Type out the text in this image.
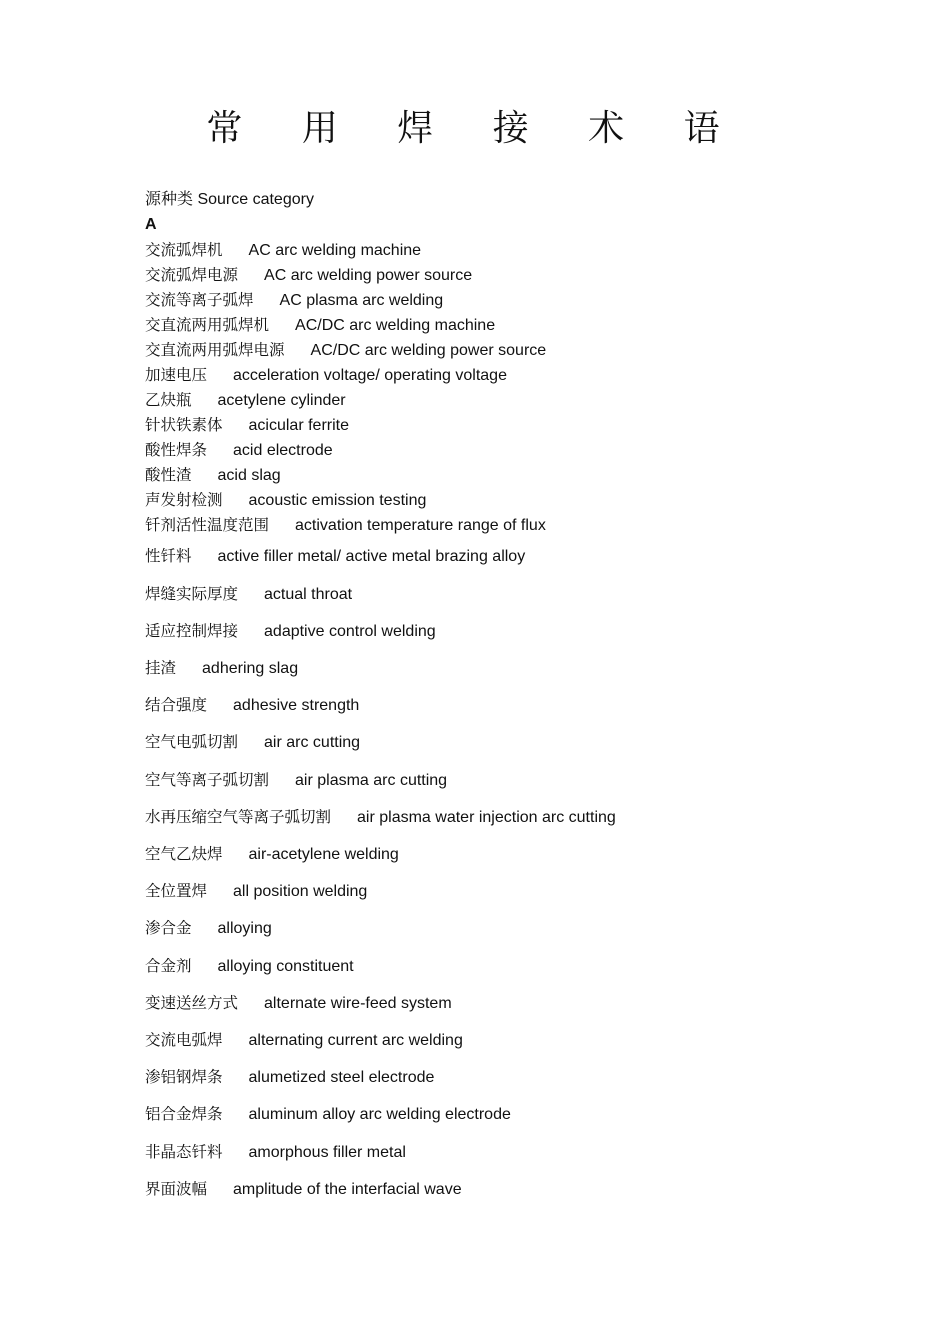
常 用 焊 接 术 语
源种类 Source category
A
交流弧焊机 AC arc welding machine
交流弧焊电源 AC arc welding power source
交流等离子弧焊 AC plasma arc welding
交直流两用弧焊机 AC/DC arc welding machine
交直流两用弧焊电源 AC/DC arc welding power source
加速电压 acceleration voltage/ operating voltage
乙炔瓶 acetylene cylinder
针状铁素体 acicular ferrite
酸性焊条 acid electrode
酸性渣 acid slag
声发射检测 acoustic emission testing
钎剂活性温度范围 activation temperature range of flux
性钎料 active filler metal/ active metal brazing alloy
焊缝实际厚度 actual throat
适应控制焊接 adaptive control welding
挂渣 adhering slag
结合强度 adhesive strength
空气电弧切割 air arc cutting
空气等离子弧切割 air plasma arc cutting
水再压缩空气等离子弧切割 air plasma water injection arc cutting
空气乙炔焊 air-acetylene welding
全位置焊 all position welding
渗合金 alloying
合金剂 alloying constituent
变速送丝方式 alternate wire-feed system
交流电弧焊 alternating current arc welding
渗铝钢焊条 alumetized steel electrode
铝合金焊条 aluminum alloy arc welding electrode
非晶态钎料 amorphous filler metal
界面波幅 amplitude of the interfacial wave
